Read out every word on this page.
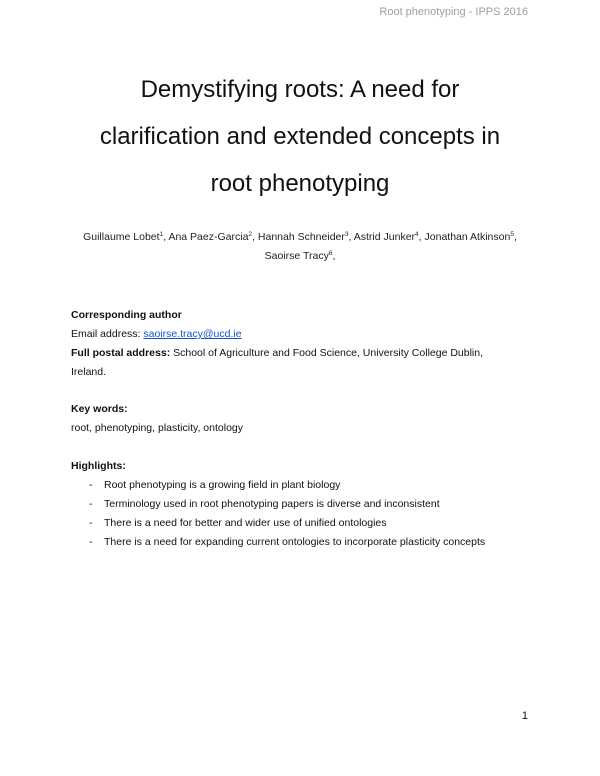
Root phenotyping - IPPS 2016
Demystifying roots: A need for
clarification and extended concepts in
root phenotyping
Guillaume Lobet$^1$, Ana Paez-Garcia$^2$, Hannah Schneider$^3$, Astrid Junker$^4$, Jonathan Atkinson$^5$,
Saoirse Tracy$^6$,
Corresponding author
Email address: saoirse.tracy@ucd.ie
Full postal address: School of Agriculture and Food Science, University College Dublin,
Ireland.
Key words:
root, phenotyping, plasticity, ontology
Highlights:
- Root phenotyping is a growing field in plant biology
- Terminology used in root phenotyping papers is diverse and inconsistent
- There is a need for better and wider use of unified ontologies
- There is a need for expanding current ontologies to incorporate plasticity concepts
1
